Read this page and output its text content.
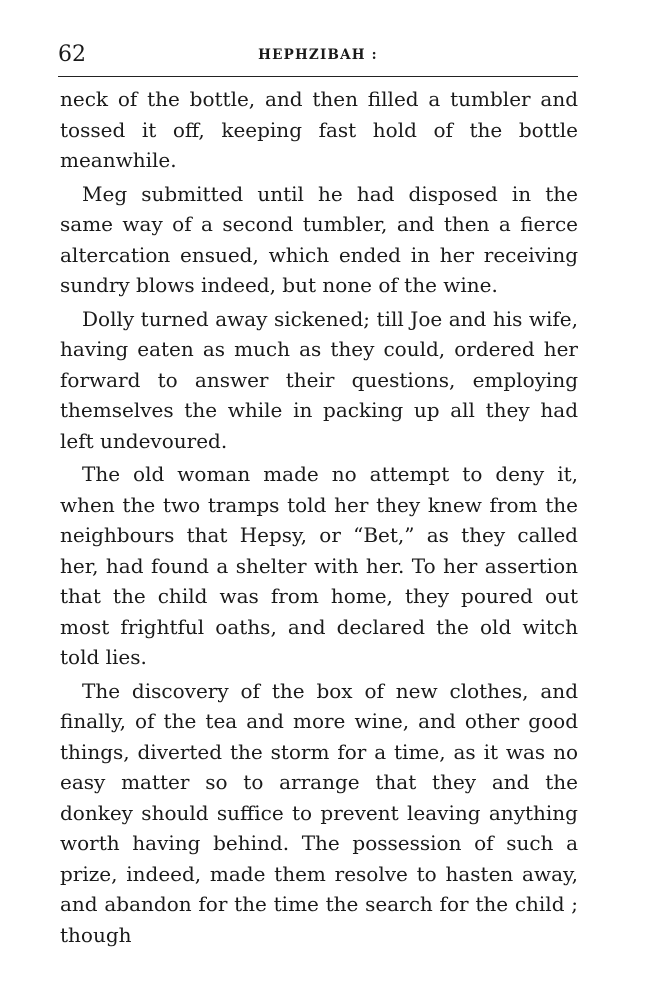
62	HEPHZIBAH :

neck of the bottle, and then filled a tumbler and tossed it off, keeping fast hold of the bottle meanwhile.

Meg submitted until he had disposed in the same way of a second tumbler, and then a fierce altercation ensued, which ended in her receiving sundry blows indeed, but none of the wine.

Dolly turned away sickened; till Joe and his wife, having eaten as much as they could, ordered her forward to answer their questions, employing themselves the while in packing up all they had left undevoured.

The old woman made no attempt to deny it, when the two tramps told her they knew from the neighbours that Hepsy, or “Bet,” as they called her, had found a shelter with her. To her assertion that the child was from home, they poured out most frightful oaths, and declared the old witch told lies.

The discovery of the box of new clothes, and finally, of the tea and more wine, and other good things, diverted the storm for a time, as it was no easy matter so to arrange that they and the donkey should suffice to prevent leaving anything worth having behind. The possession of such a prize, indeed, made them resolve to hasten away, and abandon for the time the search for the child ; though
